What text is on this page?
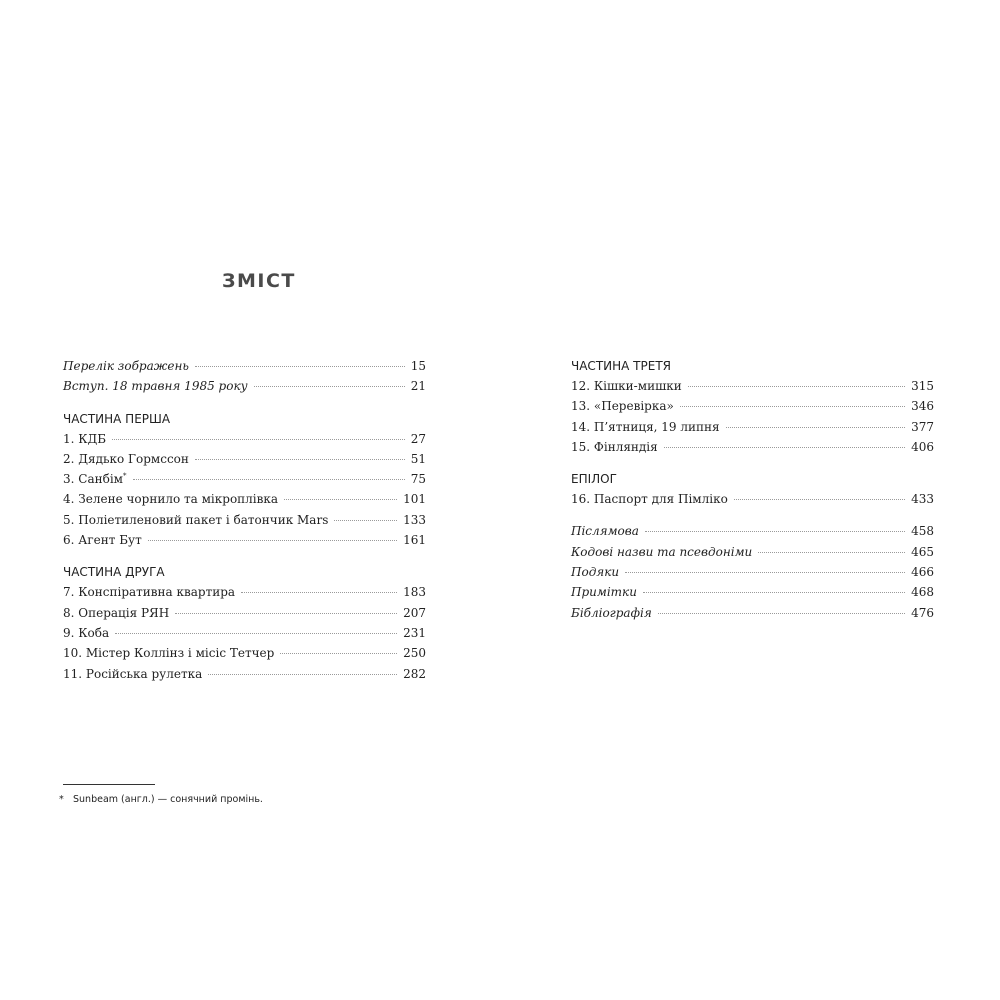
ЗМІСТ
Перелік зображень	15
Вступ. 18 травня 1985 року	21
ЧАСТИНА ПЕРША
1. КДБ	27
2. Дядько Гормссон	51
3. Санбім*	75
4. Зелене чорнило та мікроплівка	101
5. Поліетиленовий пакет і батончик Mars	133
6. Агент Бут	161
ЧАСТИНА ДРУГА
7. Конспіративна квартира	183
8. Операція РЯН	207
9. Коба	231
10. Містер Коллінз і місіс Тетчер	250
11. Російська рулетка	282
ЧАСТИНА ТРЕТЯ
12. Кішки-мишки	315
13. «Перевірка»	346
14. П’ятниця, 19 липня	377
15. Фінляндія	406
ЕПІЛОГ
16. Паспорт для Пімліко	433
Післямова	458
Кодові назви та псевдоніми	465
Подяки	466
Примітки	468
Бібліографія	476
* Sunbeam (англ.) — сонячний промінь.
